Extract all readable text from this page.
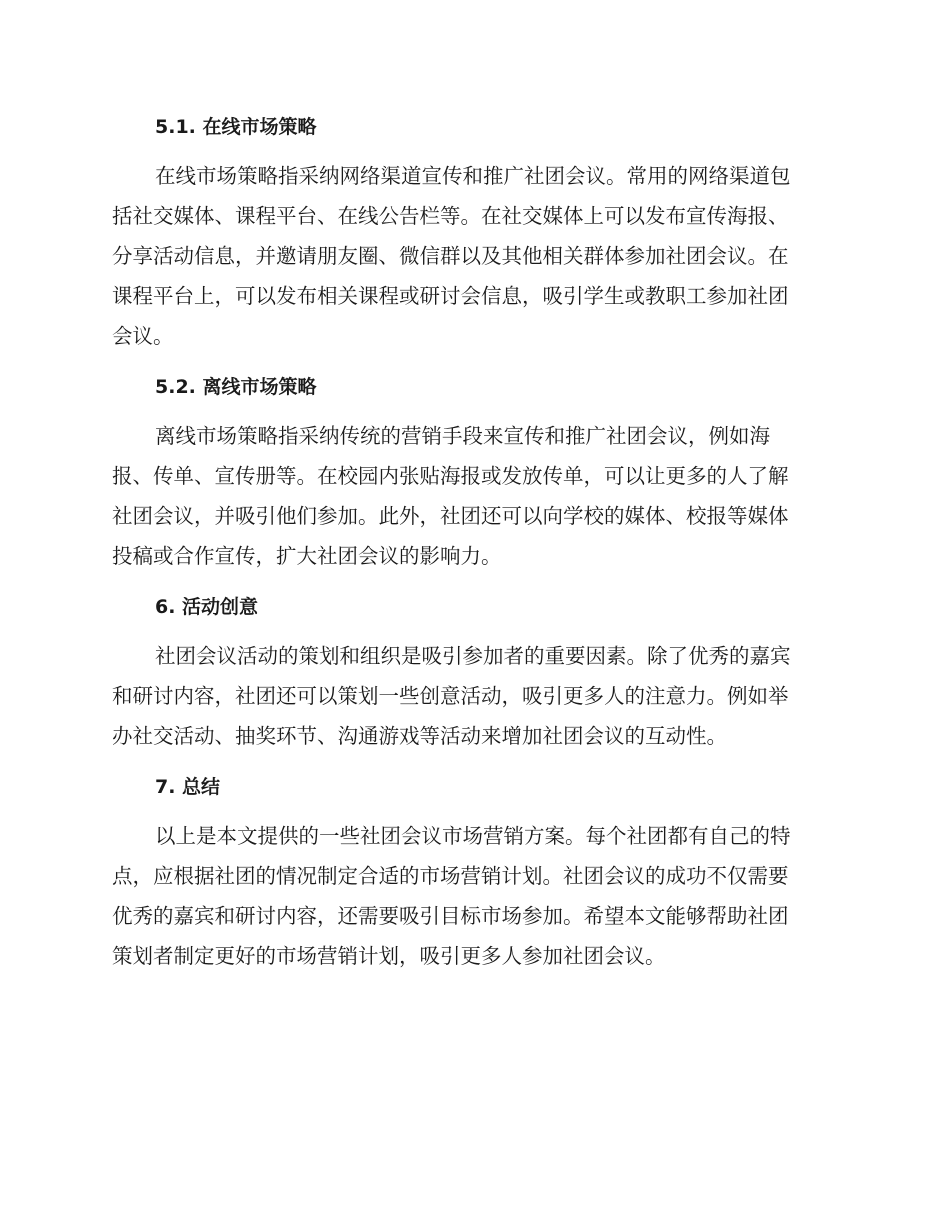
5.1. 在线市场策略
在线市场策略指采纳网络渠道宣传和推广社团会议。常用的网络渠道包
括社交媒体、课程平台、在线公告栏等。在社交媒体上可以发布宣传海报、
分享活动信息，并邀请朋友圈、微信群以及其他相关群体参加社团会议。在
课程平台上，可以发布相关课程或研讨会信息，吸引学生或教职工参加社团
会议。
5.2. 离线市场策略
离线市场策略指采纳传统的营销手段来宣传和推广社团会议，例如海
报、传单、宣传册等。在校园内张贴海报或发放传单，可以让更多的人了解
社团会议，并吸引他们参加。此外，社团还可以向学校的媒体、校报等媒体
投稿或合作宣传，扩大社团会议的影响力。
6. 活动创意
社团会议活动的策划和组织是吸引参加者的重要因素。除了优秀的嘉宾
和研讨内容，社团还可以策划一些创意活动，吸引更多人的注意力。例如举
办社交活动、抽奖环节、沟通游戏等活动来增加社团会议的互动性。
7. 总结
以上是本文提供的一些社团会议市场营销方案。每个社团都有自己的特
点，应根据社团的情况制定合适的市场营销计划。社团会议的成功不仅需要
优秀的嘉宾和研讨内容，还需要吸引目标市场参加。希望本文能够帮助社团
策划者制定更好的市场营销计划，吸引更多人参加社团会议。
